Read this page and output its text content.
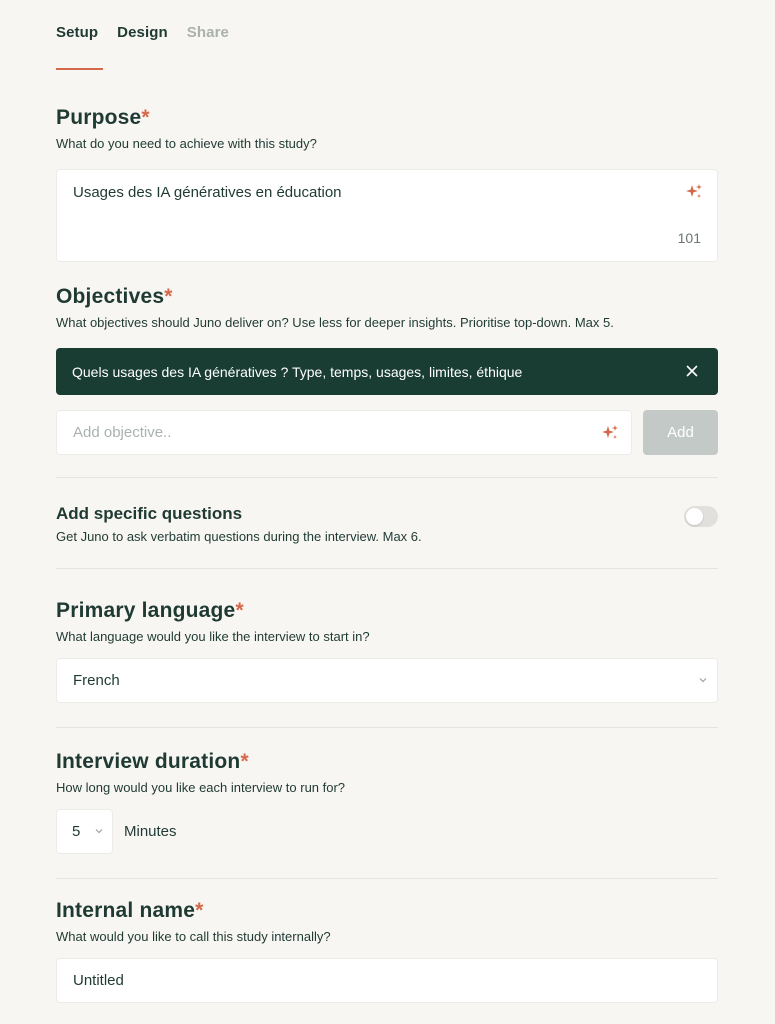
Setup Design Share
Purpose*
What do you need to achieve with this study?
Usages des IA génératives en éducation
101
Objectives*
What objectives should Juno deliver on? Use less for deeper insights. Prioritise top-down. Max 5.
Quels usages des IA génératives ? Type, temps, usages, limites, éthique
Add objective..
Add
Add specific questions
Get Juno to ask verbatim questions during the interview. Max 6.
Primary language*
What language would you like the interview to start in?
French
Interview duration*
How long would you like each interview to run for?
5	Minutes
Internal name*
What would you like to call this study internally?
Untitled
